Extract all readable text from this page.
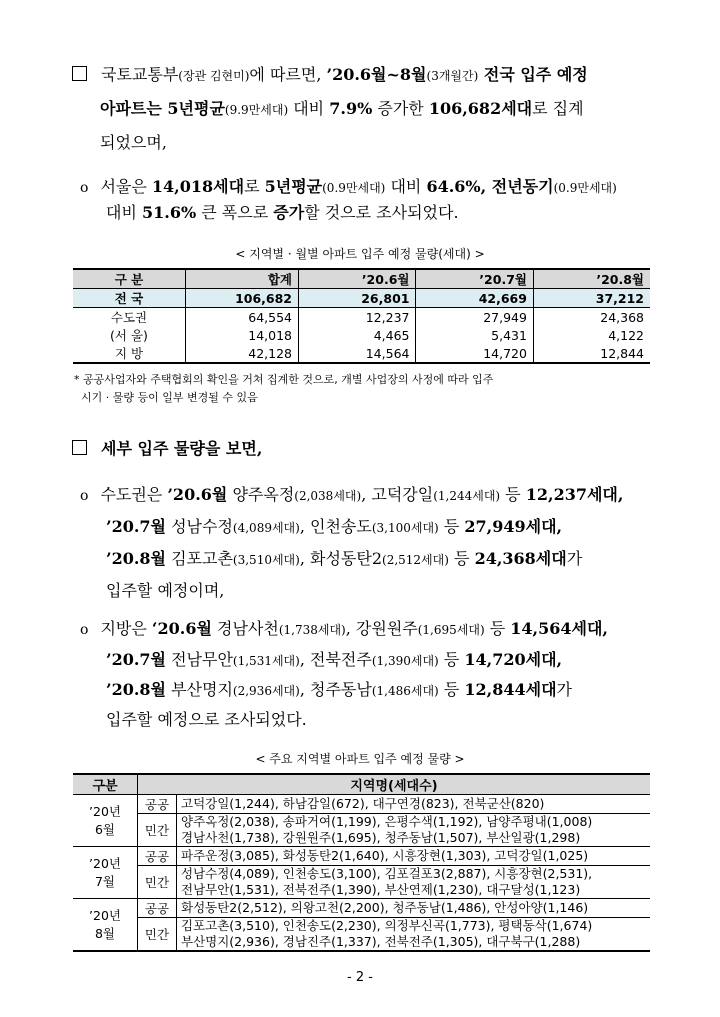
국토교통부(장관 김현미)에 따르면, ’20.6월~8월(3개월간) 전국 입주 예정
아파트는 5년평균(9.9만세대) 대비 7.9% 증가한 106,682세대로 집계
되었으며,
o 서울은 14,018세대로 5년평균(0.9만세대) 대비 64.6%, 전년동기(0.9만세대)
대비 51.6% 큰 폭으로 증가할 것으로 조사되었다.
< 지역별 · 월별 아파트 입주 예정 물량(세대) >
구 분	합계	’20.6월	’20.7월	’20.8월
전 국	106,682	26,801	42,669	37,212
수도권	64,554	12,237	27,949	24,368
(서 울)	14,018	4,465	5,431	4,122
지 방	42,128	14,564	14,720	12,844
* 공공사업자와 주택협회의 확인을 거쳐 집계한 것으로, 개별 사업장의 사정에 따라 입주
시기 · 물량 등이 일부 변경될 수 있음
세부 입주 물량을 보면,
o 수도권은 ’20.6월 양주옥정(2,038세대), 고덕강일(1,244세대) 등 12,237세대,
’20.7월 성남수정(4,089세대), 인천송도(3,100세대) 등 27,949세대,
’20.8월 김포고촌(3,510세대), 화성동탄2(2,512세대) 등 24,368세대가
입주할 예정이며,
o 지방은 ‘20.6월 경남사천(1,738세대), 강원원주(1,695세대) 등 14,564세대,
’20.7월 전남무안(1,531세대), 전북전주(1,390세대) 등 14,720세대,
’20.8월 부산명지(2,936세대), 청주동남(1,486세대) 등 12,844세대가
입주할 예정으로 조사되었다.
< 주요 지역별 아파트 입주 예정 물량 >
구분	지역명(세대수)	

’20년
6월	공공	고덕강일(1,244), 하남감일(672), 대구연경(823), 전북군산(820)
	민간	양주옥정(2,038), 송파거여(1,199), 은평수색(1,192), 남양주평내(1,008)
경남사천(1,738), 강원원주(1,695), 청주동남(1,507), 부산일광(1,298)

’20년
7월	공공	파주운정(3,085), 화성동탄2(1,640), 시흥장현(1,303), 고덕강일(1,025)
	민간	성남수정(4,089), 인천송도(3,100), 김포걸포3(2,887), 시흥장현(2,531),
전남무안(1,531), 전북전주(1,390), 부산연제(1,230), 대구달성(1,123)

’20년
8월	공공	화성동탄2(2,512), 의왕고천(2,200), 청주동남(1,486), 안성아양(1,146)
	민간	김포고촌(3,510), 인천송도(2,230), 의정부신곡(1,773), 평택동삭(1,674)
부산명지(2,936), 경남진주(1,337), 전북전주(1,305), 대구북구(1,288)
- 2 -
